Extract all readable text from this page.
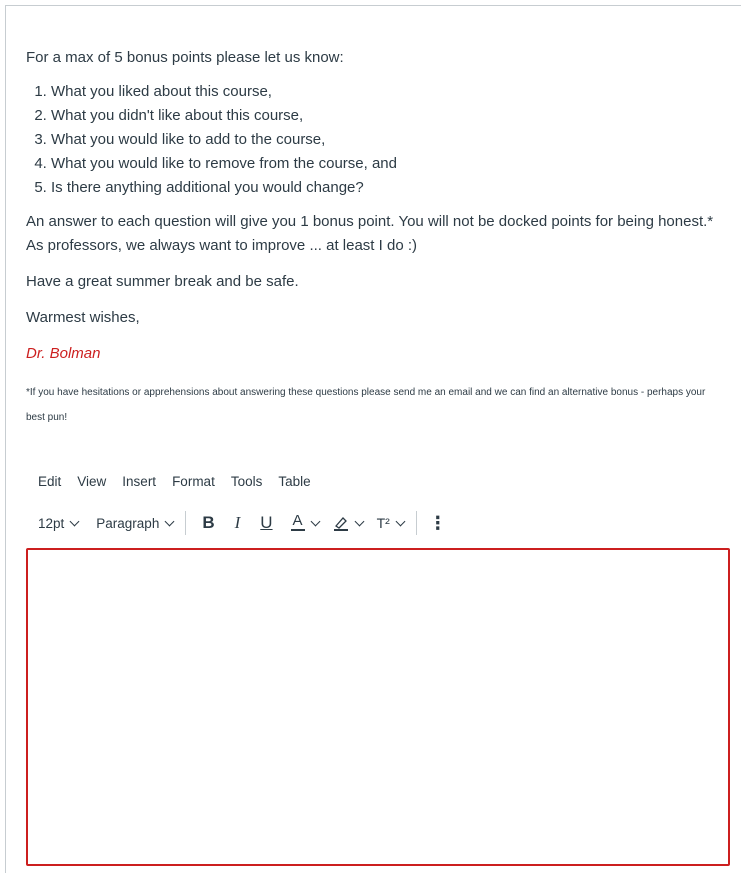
For a max of 5 bonus points please let us know:

1. What you liked about this course,
2. What you didn't like about this course,
3. What you would like to add to the course,
4. What you would like to remove from the course, and
5. Is there anything additional you would change?

An answer to each question will give you 1 bonus point. You will not be docked points for being honest.* As professors, we always want to improve ... at least I do :)

Have a great summer break and be safe.

Warmest wishes,

Dr. Bolman

*If you have hesitations or apprehensions about answering these questions please send me an email and we can find an alternative bonus - perhaps your best pun!

Edit View Insert Format Tools Table
12pt Paragraph	B I U A	T² ⋮
